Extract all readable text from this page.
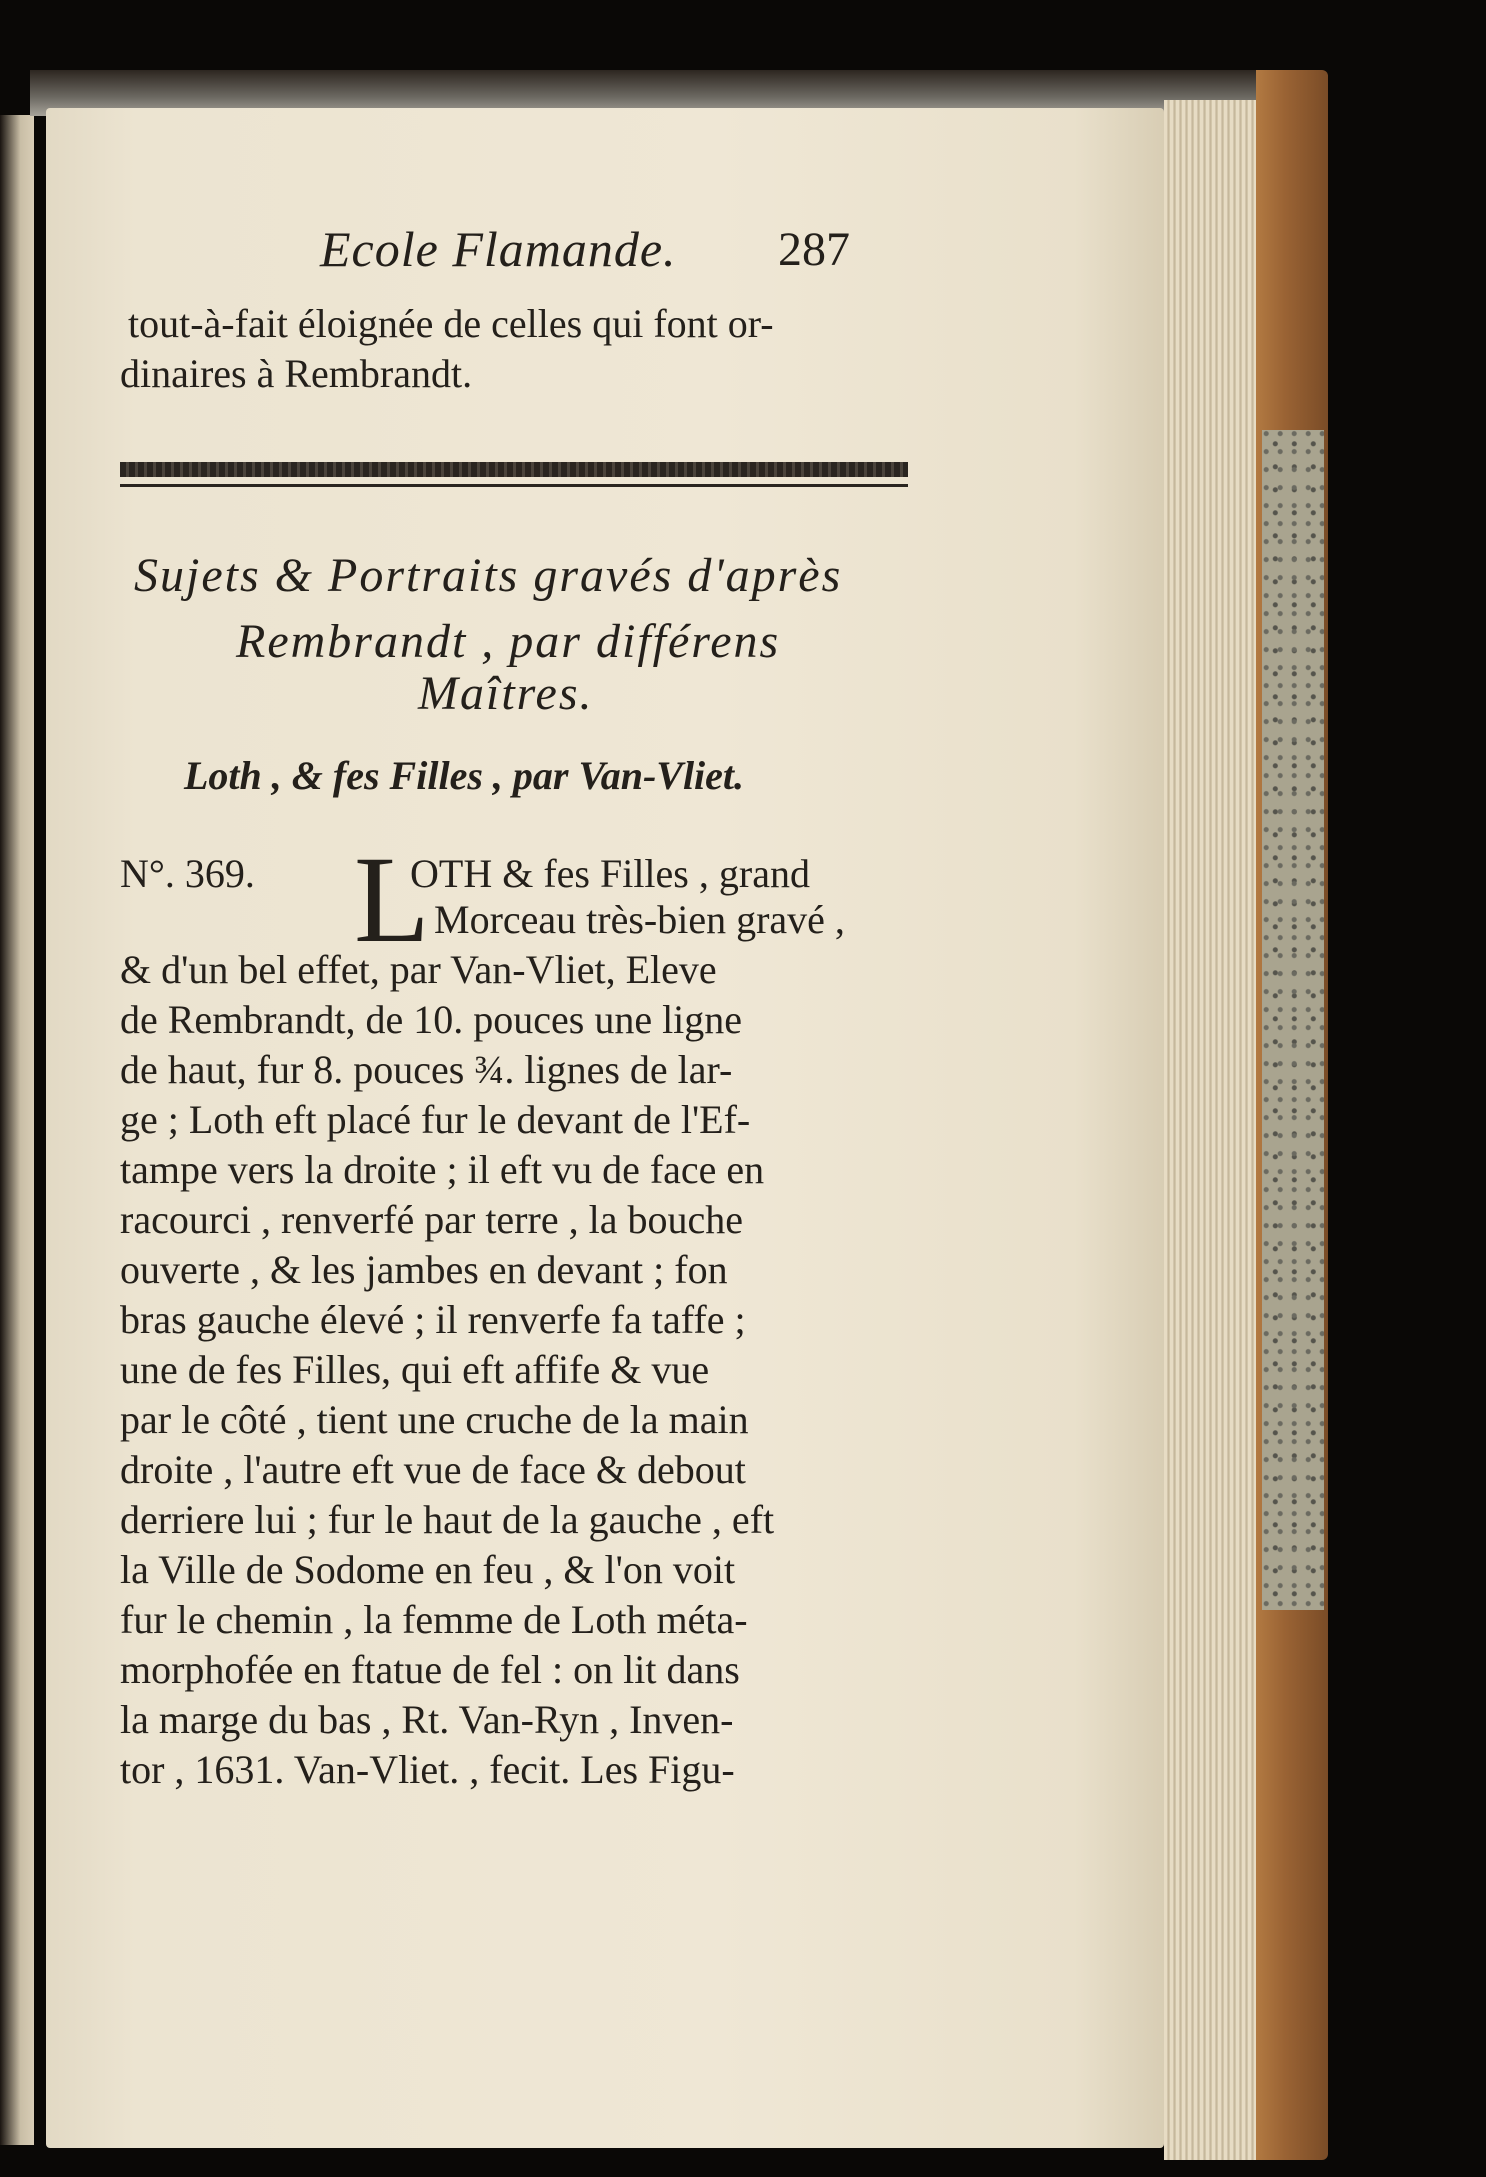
Ecole Flamande. 287
tout-à-fait éloignée de celles qui font or-
dinaires à Rembrandt.
Sujets & Portraits gravés d'après
Rembrandt , par différens
Maîtres.
Loth , & fes Filles , par Van-Vliet.
N°. 369. L
OTH & fes Filles , grand
Morceau très-bien gravé ,
& d'un bel effet, par Van-Vliet, Eleve
de Rembrandt, de 10. pouces une ligne
de haut, fur 8. pouces ¾. lignes de lar-
ge ; Loth eft placé fur le devant de l'Ef-
tampe vers la droite ; il eft vu de face en
racourci , renverfé par terre , la bouche
ouverte , & les jambes en devant ; fon
bras gauche élevé ; il renverfe fa taffe ;
une de fes Filles, qui eft affife & vue
par le côté , tient une cruche de la main
droite , l'autre eft vue de face & debout
derriere lui ; fur le haut de la gauche , eft
la Ville de Sodome en feu , & l'on voit
fur le chemin , la femme de Loth méta-
morphofée en ftatue de fel : on lit dans
la marge du bas , Rt. Van-Ryn , Inven-
tor , 1631. Van-Vliet. , fecit. Les Figu-
